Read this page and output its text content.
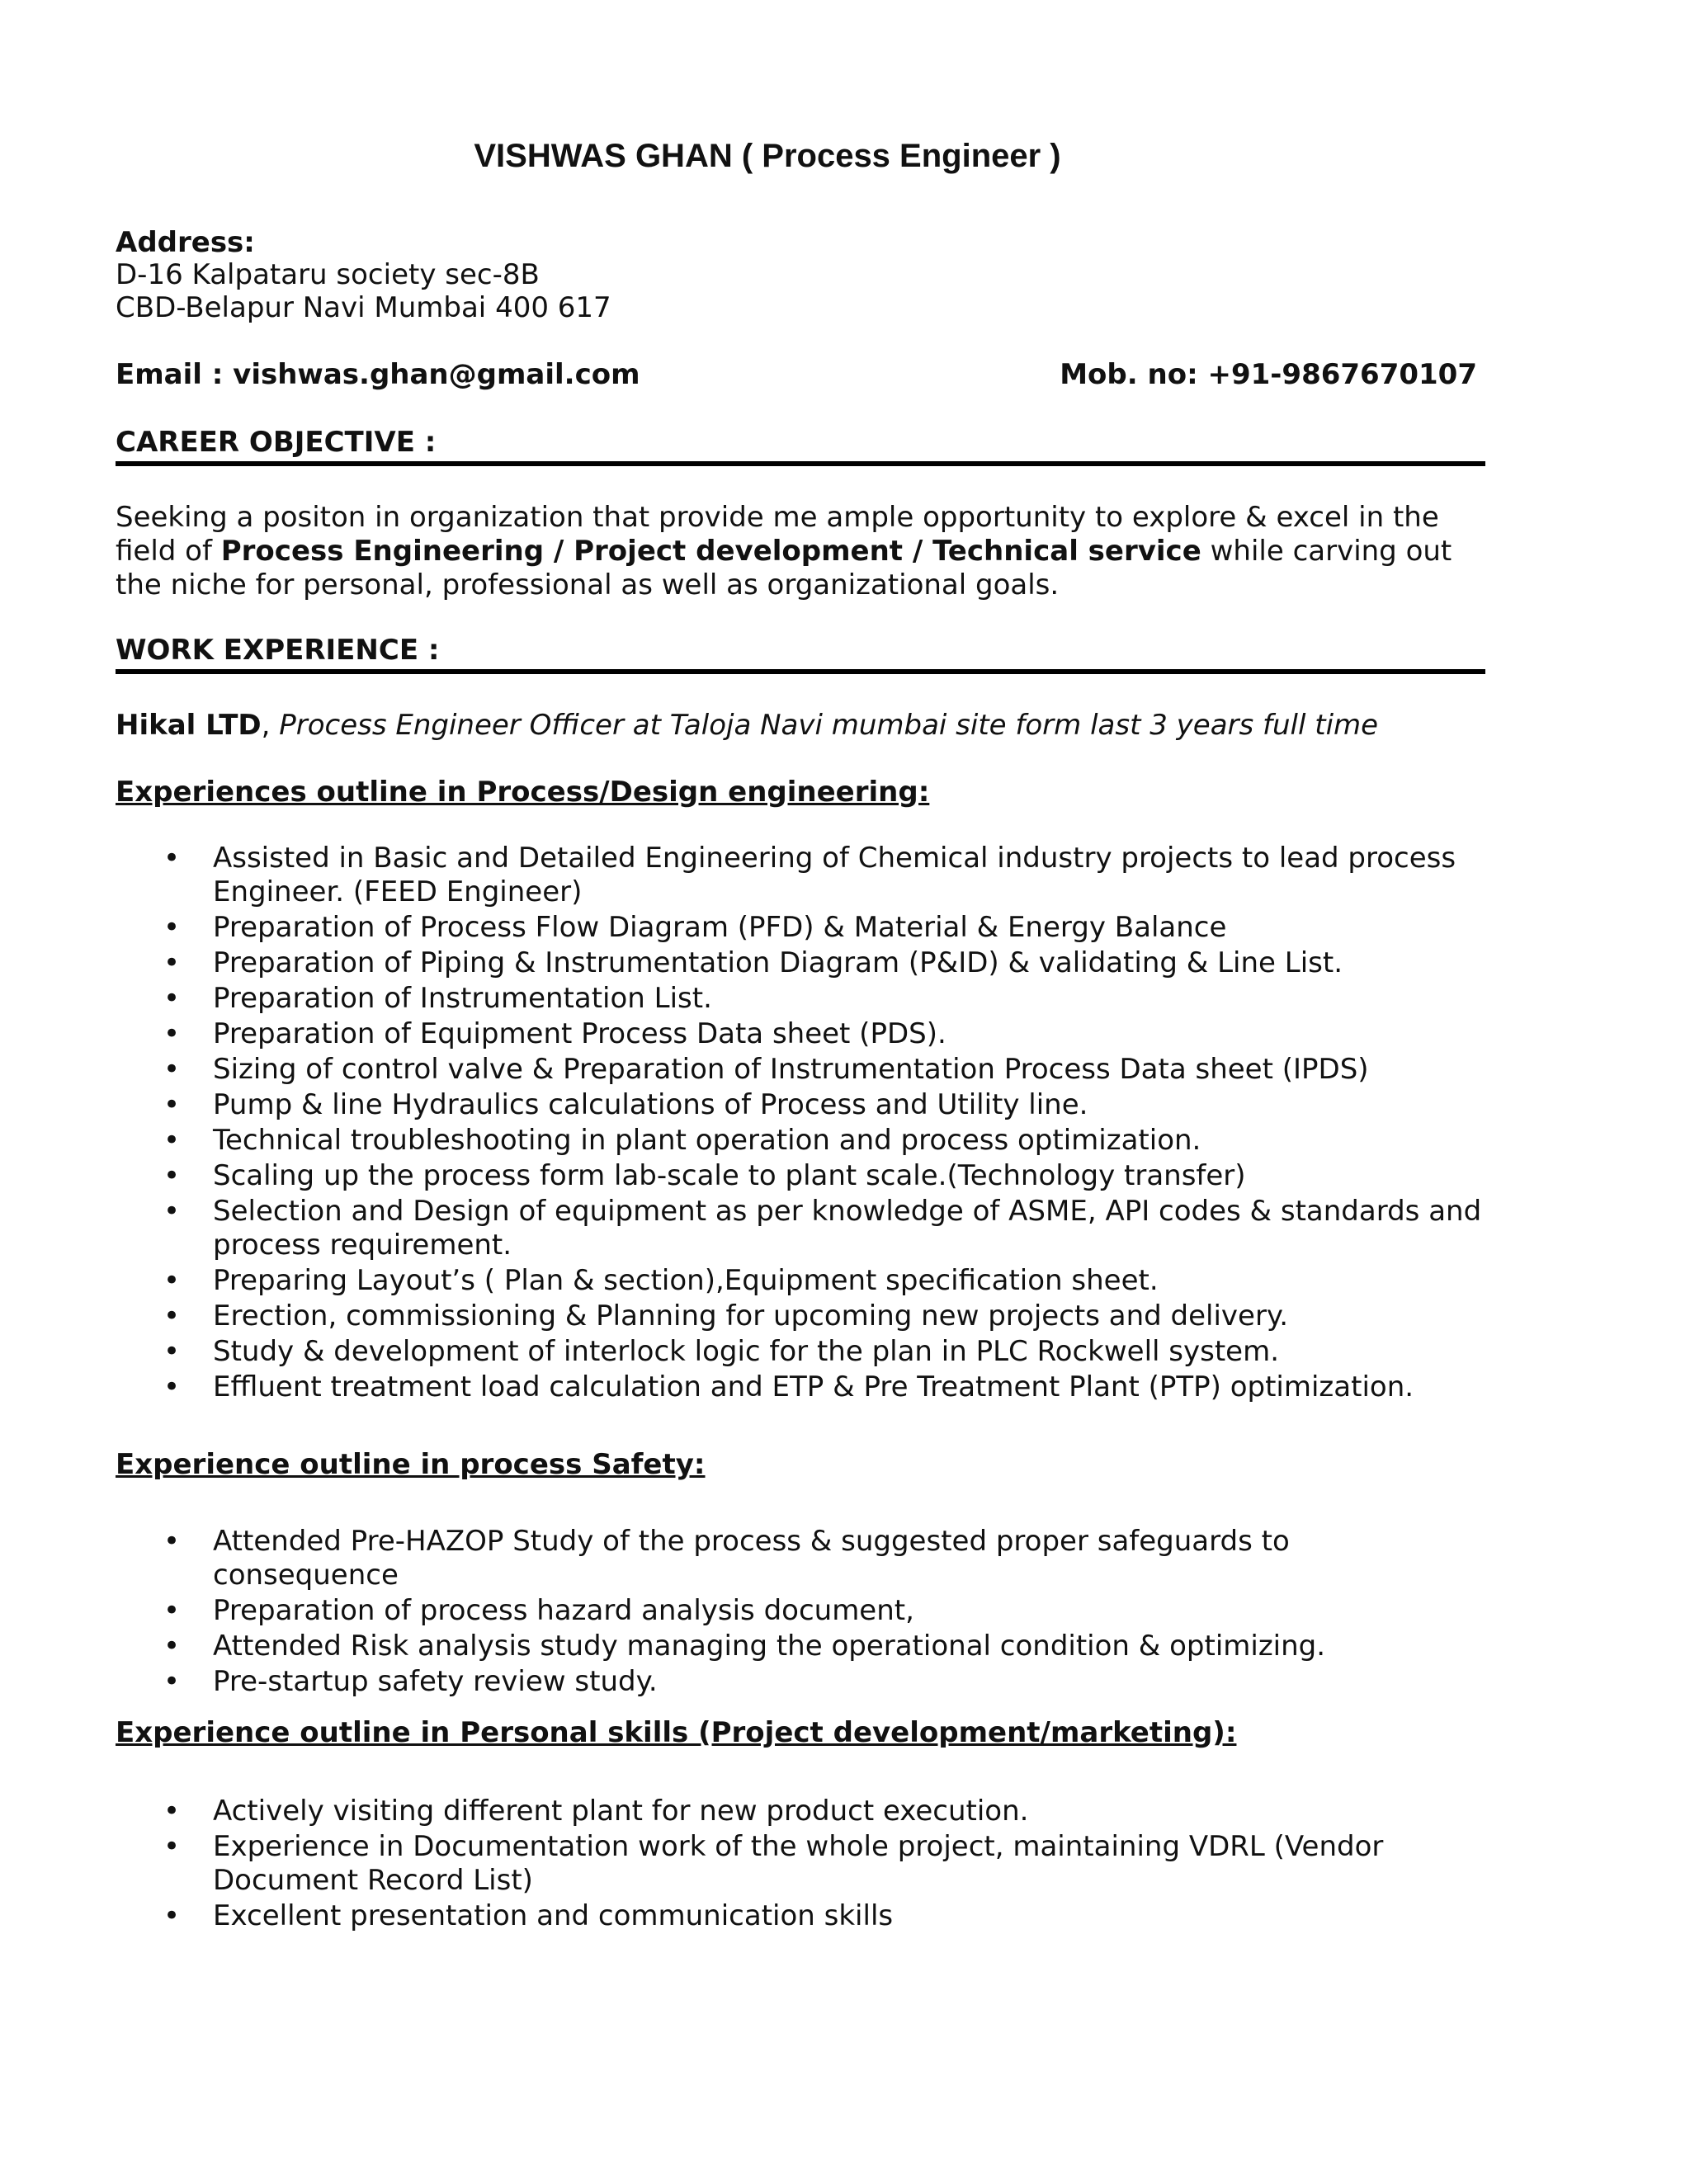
VISHWAS GHAN ( Process Engineer )
Address:
D-16 Kalpataru society sec-8B
CBD-Belapur Navi Mumbai 400 617
Email : vishwas.ghan@gmail.com	Mob. no: +91-9867670107
CAREER OBJECTIVE :

Seeking a positon in organization that provide me ample opportunity to explore & excel in the field of Process Engineering / Project development / Technical service while carving out the niche for personal, professional as well as organizational goals.

WORK EXPERIENCE :
Hikal LTD, Process Engineer Officer at Taloja Navi mumbai site form last 3 years full time
Experiences outline in Process/Design engineering:
• Assisted in Basic and Detailed Engineering of Chemical industry projects to lead process Engineer. (FEED Engineer)
• Preparation of Process Flow Diagram (PFD) & Material & Energy Balance
• Preparation of Piping & Instrumentation Diagram (P&ID) & validating & Line List.
• Preparation of Instrumentation List.
• Preparation of Equipment Process Data sheet (PDS).
• Sizing of control valve & Preparation of Instrumentation Process Data sheet (IPDS)
• Pump & line Hydraulics calculations of Process and Utility line.
• Technical troubleshooting in plant operation and process optimization.
• Scaling up the process form lab-scale to plant scale.(Technology transfer)
• Selection and Design of equipment as per knowledge of ASME, API codes & standards and process requirement.
• Preparing Layout’s ( Plan & section),Equipment specification sheet.
• Erection, commissioning & Planning for upcoming new projects and delivery.
• Study & development of interlock logic for the plan in PLC Rockwell system.
• Effluent treatment load calculation and ETP & Pre Treatment Plant (PTP) optimization.
Experience outline in process Safety:
• Attended Pre-HAZOP Study of the process & suggested proper safeguards to consequence
• Preparation of process hazard analysis document,
• Attended Risk analysis study managing the operational condition & optimizing.
• Pre-startup safety review study.
Experience outline in Personal skills (Project development/marketing):
• Actively visiting different plant for new product execution.
• Experience in Documentation work of the whole project, maintaining VDRL (Vendor Document Record List)
• Excellent presentation and communication skills
